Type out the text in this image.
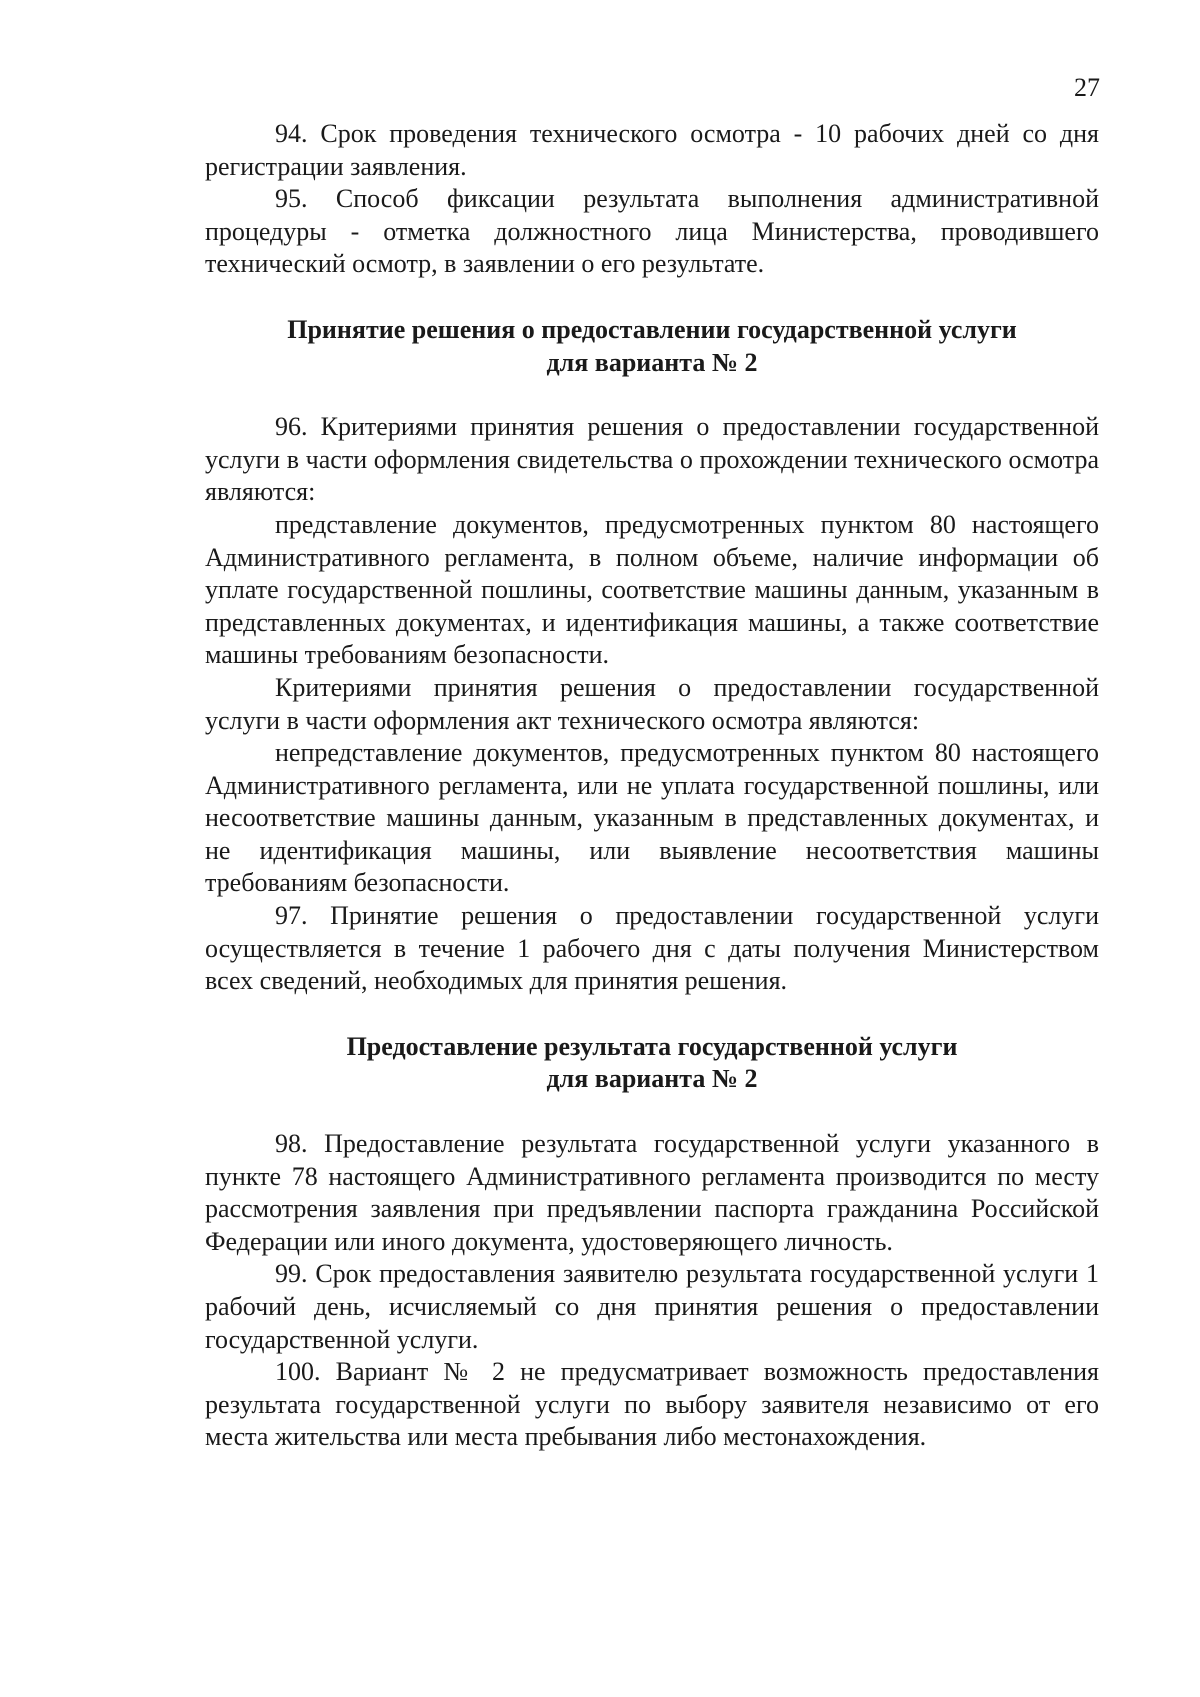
27

94. Срок проведения технического осмотра - 10 рабочих дней со дня регистрации заявления.

95. Способ фиксации результата выполнения административной процедуры - отметка должностного лица Министерства, проводившего технический осмотр, в заявлении о его результате.

Принятие решения о предоставлении государственной услуги
для варианта № 2

96. Критериями принятия решения о предоставлении государственной услуги в части оформления свидетельства о прохождении технического осмотра являются:

представление документов, предусмотренных пунктом 80 настоящего Административного регламента, в полном объеме, наличие информации об уплате государственной пошлины, соответствие машины данным, указанным в представленных документах, и идентификация машины, а также соответствие машины требованиям безопасности.

Критериями принятия решения о предоставлении государственной услуги в части оформления акт технического осмотра являются:

непредставление документов, предусмотренных пунктом 80 настоящего Административного регламента, или не уплата государственной пошлины, или несоответствие машины данным, указанным в представленных документах, и не идентификация машины, или выявление несоответствия машины требованиям безопасности.

97. Принятие решения о предоставлении государственной услуги осуществляется в течение 1 рабочего дня с даты получения Министерством всех сведений, необходимых для принятия решения.

Предоставление результата государственной услуги
для варианта № 2

98. Предоставление результата государственной услуги указанного в пункте 78 настоящего Административного регламента производится по месту рассмотрения заявления при предъявлении паспорта гражданина Российской Федерации или иного документа, удостоверяющего личность.

99. Срок предоставления заявителю результата государственной услуги 1 рабочий день, исчисляемый со дня принятия решения о предоставлении государственной услуги.

100. Вариант № 2 не предусматривает возможность предоставления результата государственной услуги по выбору заявителя независимо от его места жительства или места пребывания либо местонахождения.
